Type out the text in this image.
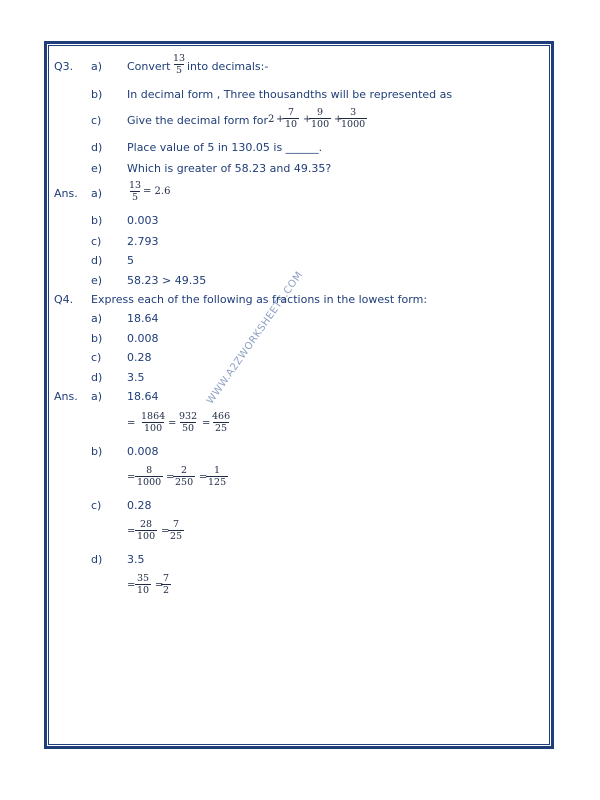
WWW.A2ZWORKSHEETS.COM
Q3. a) Convert $\frac{13}{5}$ into decimals:-
b) In decimal form , Three thousandths will be represented as
c) Give the decimal form for 2 +
$\frac{7}{10}$ +
$\frac{9}{100}$ +
$\frac{3}{1000}$
d) Place value of 5 in 130.05 is ______.
e) Which is greater of 58.23 and 49.35?
Ans. a)	$\frac{13}{5} = 2.6$
b) 0.003
c) 2.793
d) 5
e) 58.23 > 49.35
Q4. Express each of the following as fractions in the lowest form:
a) 18.64
b) 0.008
c) 0.28
d) 3.5
Ans. a) 18.64
= $\frac{1864}{100} = \frac{932}{50} = \frac{466}{25}$
b) 0.008
= $\frac{8}{1000}$ =
$\frac{2}{250}$ =
$\frac{1}{125}$
c) 0.28
= $\frac{28}{100}$ =
$\frac{7}{25}$
d) 3.5
= $\frac{35}{10}$ =
$\frac{7}{2}$
